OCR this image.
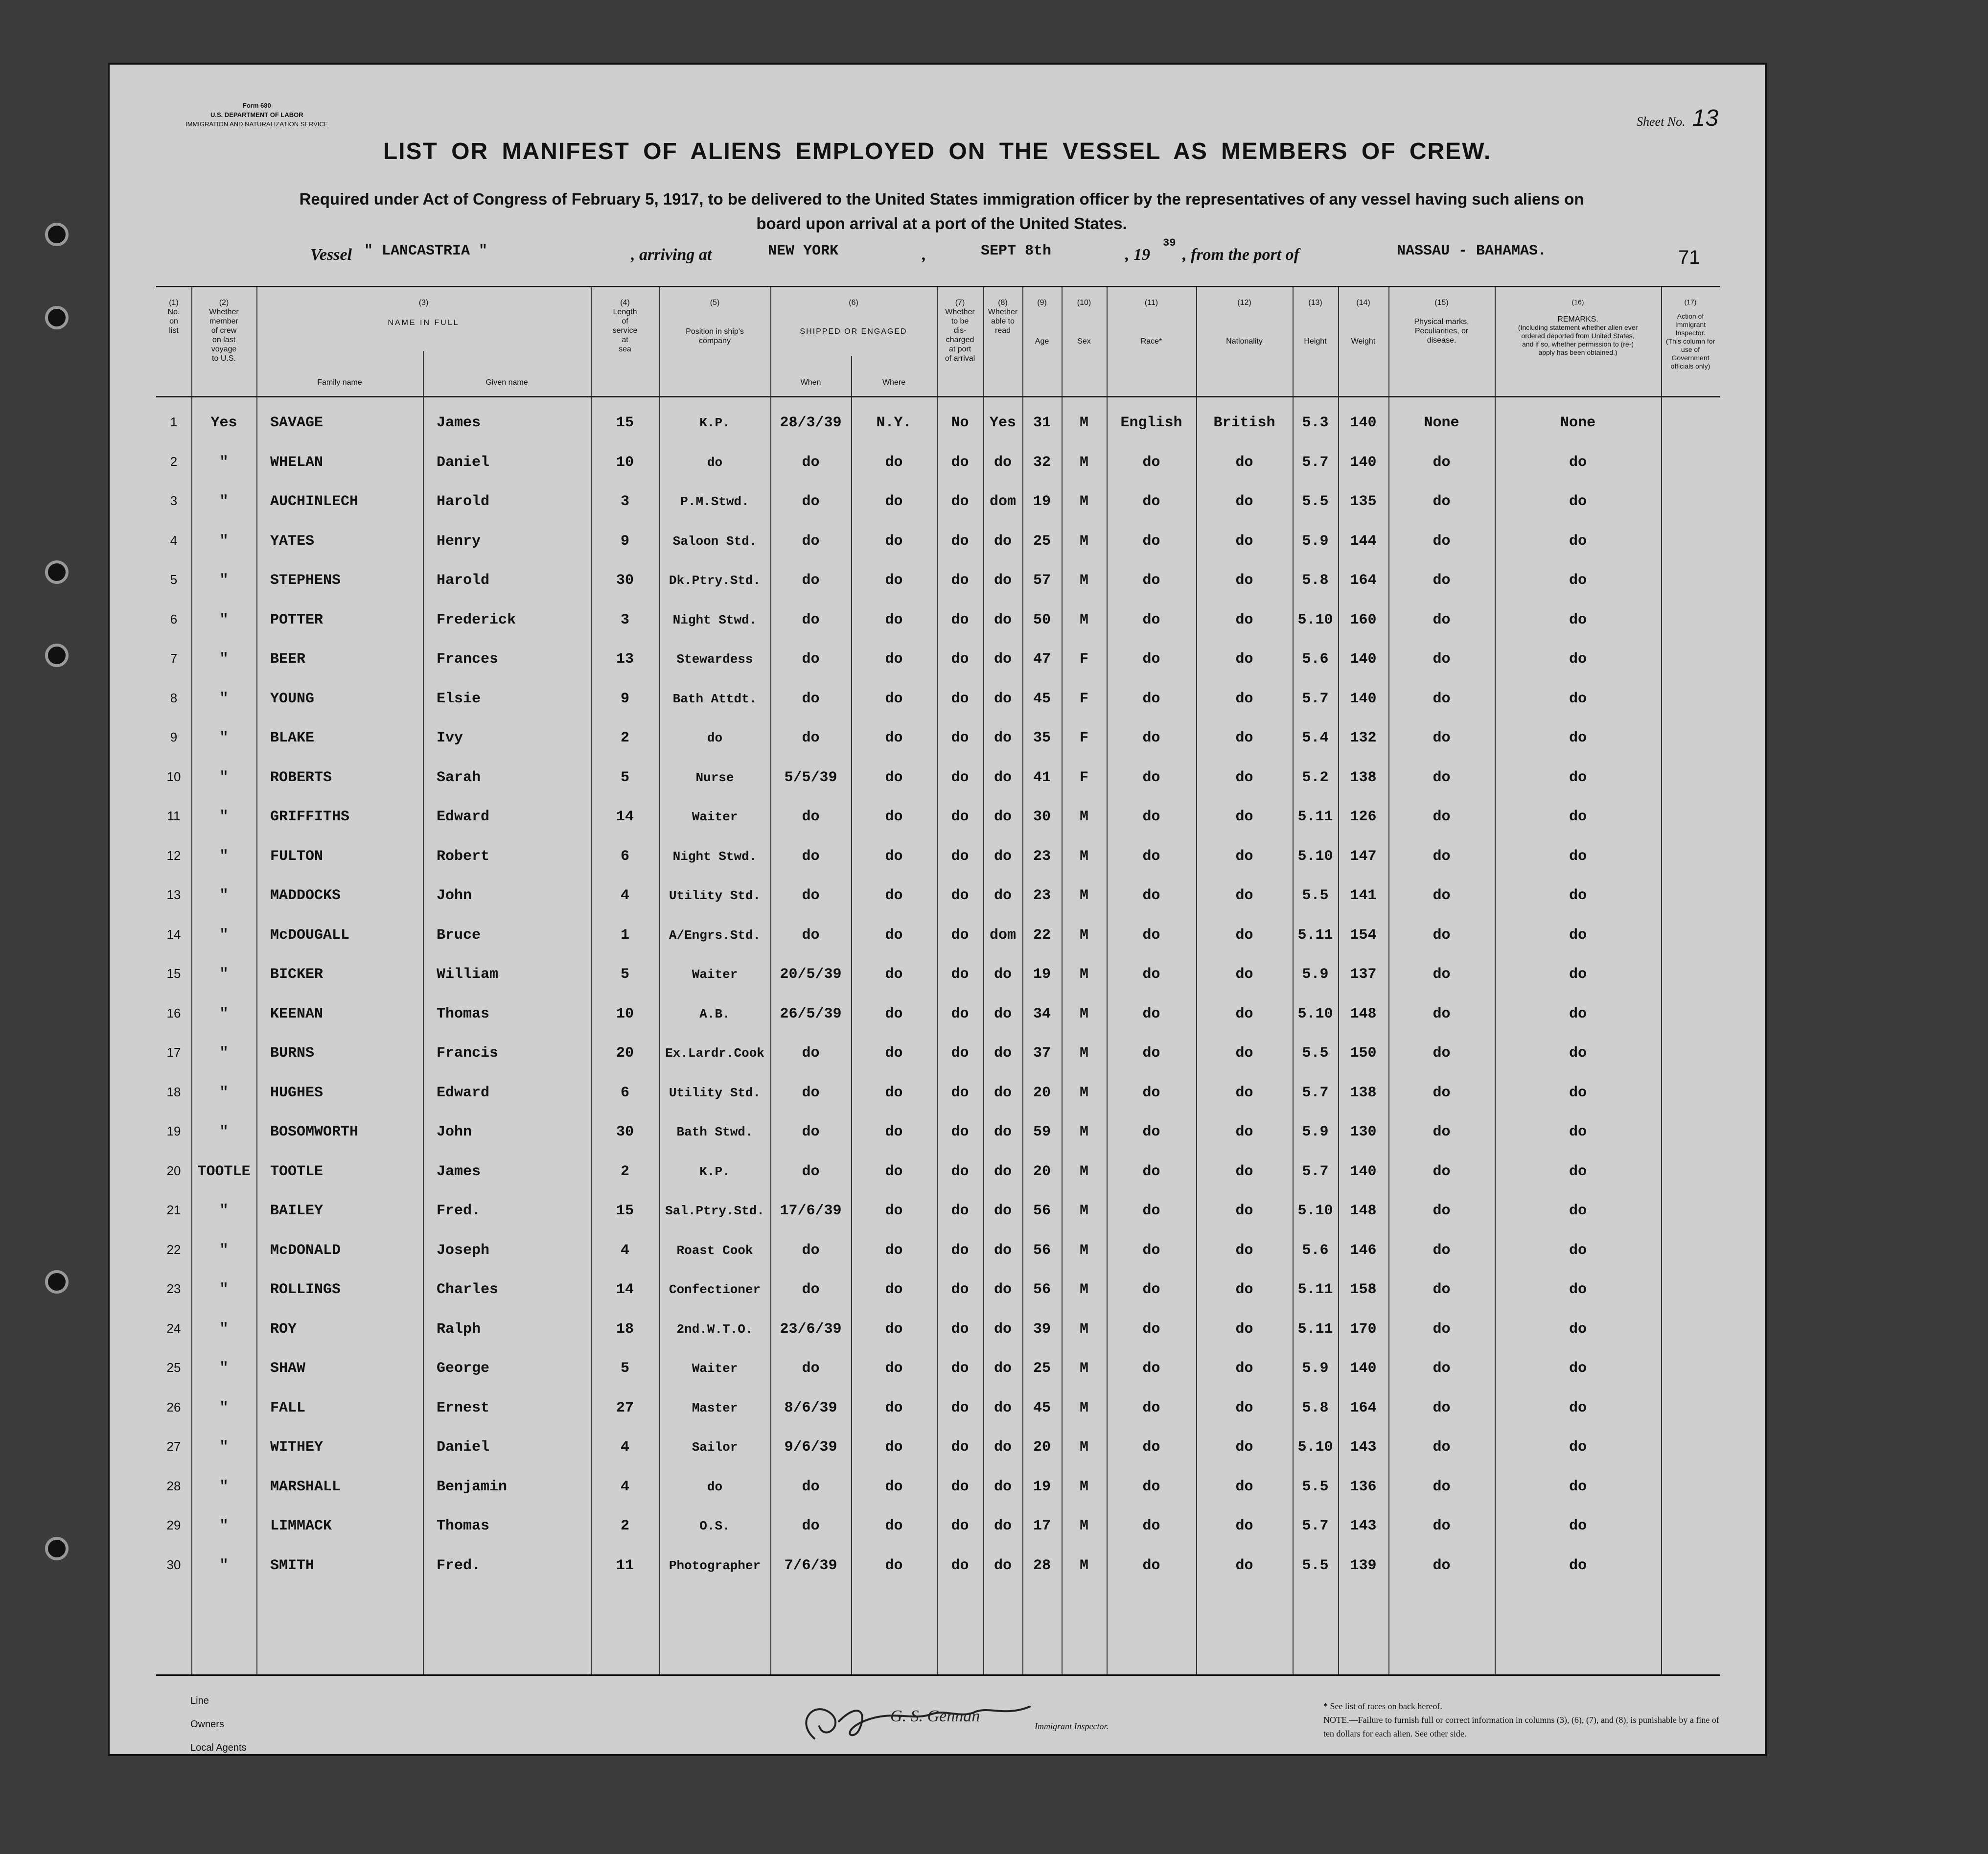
Form 680
U.S. DEPARTMENT OF LABOR
IMMIGRATION AND NATURALIZATION SERVICE	Sheet No. 13
LIST OR MANIFEST OF ALIENS EMPLOYED ON THE VESSEL AS MEMBERS OF CREW.
Required under Act of Congress of February 5, 1917, to be delivered to the United States immigration officer by the representatives of any vessel having such aliens on board upon arrival at a port of the United States.
Vessel " LANCASTRIA "	, arriving at	NEW YORK	,	SEPT 8th	, 19
39
, from the port of	NASSAU - BAHAMAS.	71
(1)
No.
on
list
(2)
Whether
member
of crew
on last
voyage
to U.S.
(3)
NAME IN FULL
Family name	Given name
(4)
Length
of
service
at
sea
(5)
Position in ship's
company
(6)
SHIPPED OR ENGAGED
When	Where
(7)
Whether
to be
dis-
charged
at port
of arrival
(8)
Whether
able to
read
(9)
Age
(10)
Sex
(11)
Race*
(12)
Nationality
(13)
Height
(14)
Weight
(15)
Physical marks,
Peculiarities, or
disease.
(16)
REMARKS.
(Including statement whether alien ever
ordered deported from United States,
and if so, whether permission to (re-)
apply has been obtained.)
(17)
Action of Immigrant
Inspector.
(This column for use of
Government officials only)
1	Yes	SAVAGE	James	15	K.P.	28/3/39	N.Y.	No	Yes	31	M	English	British	5.3	140	None	None
2	"	WHELAN	Daniel	10	do	do	do	do	do	32	M	do	do	5.7	140	do	do
3	"	AUCHINLECH	Harold	3	P.M.Stwd.	do	do	do	dom	19	M	do	do	5.5	135	do	do
4	"	YATES	Henry	9	Saloon Std.	do	do	do	do	25	M	do	do	5.9	144	do	do
5	"	STEPHENS	Harold	30	Dk.Ptry.Std.	do	do	do	do	57	M	do	do	5.8	164	do	do
6	"	POTTER	Frederick	3	Night Stwd.	do	do	do	do	50	M	do	do	5.10	160	do	do
7	"	BEER	Frances	13	Stewardess	do	do	do	do	47	F	do	do	5.6	140	do	do
8	"	YOUNG	Elsie	9	Bath Attdt.	do	do	do	do	45	F	do	do	5.7	140	do	do
9	"	BLAKE	Ivy	2	do	do	do	do	do	35	F	do	do	5.4	132	do	do
10	"	ROBERTS	Sarah	5	Nurse	5/5/39	do	do	do	41	F	do	do	5.2	138	do	do
11	"	GRIFFITHS	Edward	14	Waiter	do	do	do	do	30	M	do	do	5.11	126	do	do
12	"	FULTON	Robert	6	Night Stwd.	do	do	do	do	23	M	do	do	5.10	147	do	do
13	"	MADDOCKS	John	4	Utility Std.	do	do	do	do	23	M	do	do	5.5	141	do	do
14	"	McDOUGALL	Bruce	1	A/Engrs.Std.	do	do	do	dom	22	M	do	do	5.11	154	do	do
15	"	BICKER	William	5	Waiter	20/5/39	do	do	do	19	M	do	do	5.9	137	do	do
16	"	KEENAN	Thomas	10	A.B.	26/5/39	do	do	do	34	M	do	do	5.10	148	do	do
17	"	BURNS	Francis	20	Ex.Lardr.Cook	do	do	do	do	37	M	do	do	5.5	150	do	do
18	"	HUGHES	Edward	6	Utility Std.	do	do	do	do	20	M	do	do	5.7	138	do	do
19	"	BOSOMWORTH	John	30	Bath Stwd.	do	do	do	do	59	M	do	do	5.9	130	do	do
20	TOOTLE	TOOTLE	James	2	K.P.	do	do	do	do	20	M	do	do	5.7	140	do	do
21	"	BAILEY	Fred.	15	Sal.Ptry.Std.	17/6/39	do	do	do	56	M	do	do	5.10	148	do	do
22	"	McDONALD	Joseph	4	Roast Cook	do	do	do	do	56	M	do	do	5.6	146	do	do
23	"	ROLLINGS	Charles	14	Confectioner	do	do	do	do	56	M	do	do	5.11	158	do	do
24	"	ROY	Ralph	18	2nd.W.T.O.	23/6/39	do	do	do	39	M	do	do	5.11	170	do	do
25	"	SHAW	George	5	Waiter	do	do	do	do	25	M	do	do	5.9	140	do	do
26	"	FALL	Ernest	27	Master	8/6/39	do	do	do	45	M	do	do	5.8	164	do	do
27	"	WITHEY	Daniel	4	Sailor	9/6/39	do	do	do	20	M	do	do	5.10	143	do	do
28	"	MARSHALL	Benjamin	4	do	do	do	do	do	19	M	do	do	5.5	136	do	do
29	"	LIMMACK	Thomas	2	O.S.	do	do	do	do	17	M	do	do	5.7	143	do	do
30	"	SMITH	Fred.	11	Photographer	7/6/39	do	do	do	28	M	do	do	5.5	139	do	do
Line
Owners
Local Agents
G. S. Gennan
Immigrant Inspector.
* See list of races on back hereof.
NOTE.—Failure to furnish full or correct information in columns (3), (6), (7), and (8), is punishable by a fine of ten dollars for each alien. See other side.
